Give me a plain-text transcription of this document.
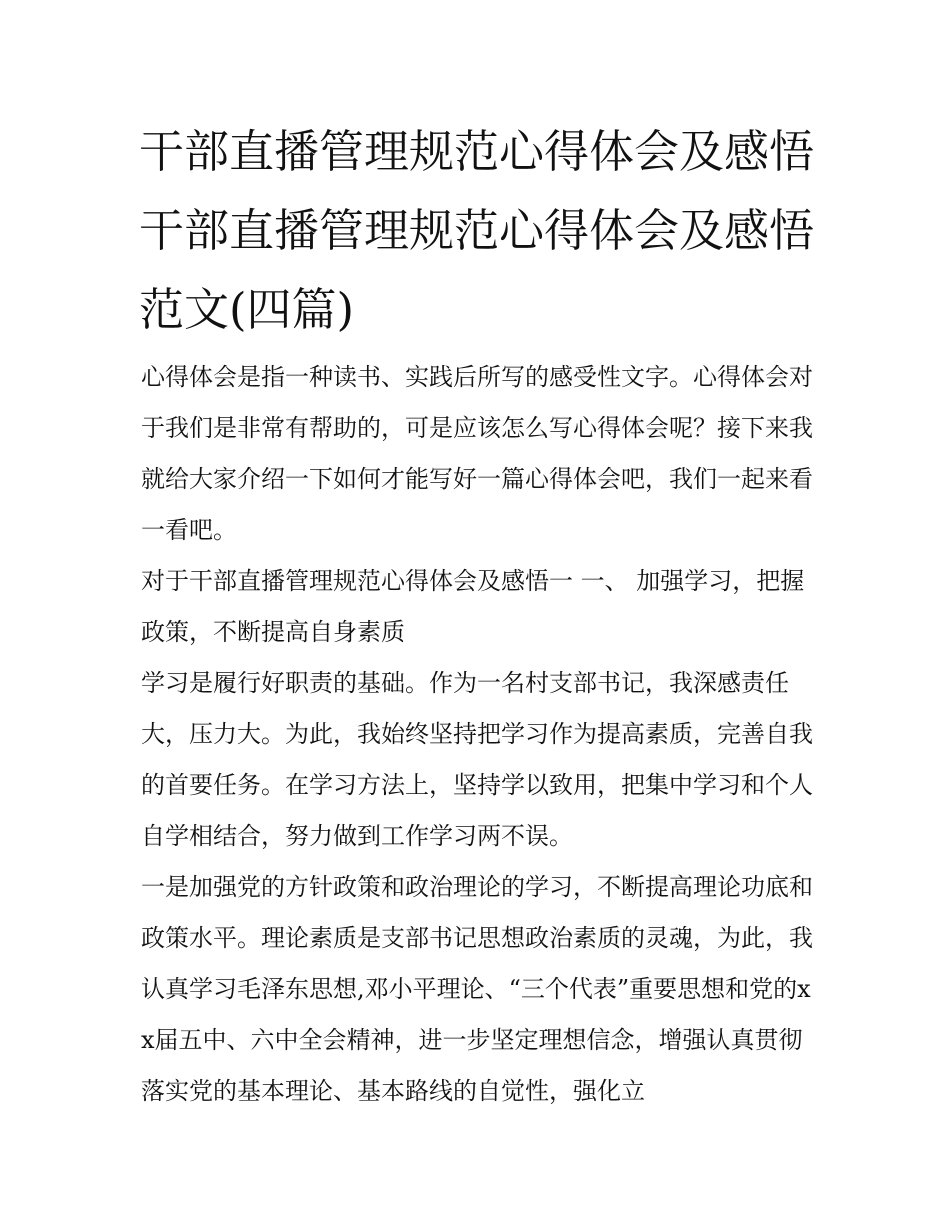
干部直播管理规范心得体会及感悟 干部直播管理规范心得体会及感悟范文(四篇)

心得体会是指一种读书、实践后所写的感受性文字。心得体会对于我们是非常有帮助的，可是应该怎么写心得体会呢？接下来我就给大家介绍一下如何才能写好一篇心得体会吧，我们一起来看一看吧。

对于干部直播管理规范心得体会及感悟一 一、 加强学习，把握政策，不断提高自身素质

学习是履行好职责的基础。作为一名村支部书记，我深感责任大，压力大。为此，我始终坚持把学习作为提高素质，完善自我的首要任务。在学习方法上，坚持学以致用，把集中学习和个人自学相结合，努力做到工作学习两不误。

一是加强党的方针政策和政治理论的学习，不断提高理论功底和政策水平。理论素质是支部书记思想政治素质的灵魂，为此，我认真学习毛泽东思想,邓小平理论、“三个代表”重要思想和党的xx届五中、六中全会精神，进一步坚定理想信念，增强认真贯彻落实党的基本理论、基本路线的自觉性，强化立
